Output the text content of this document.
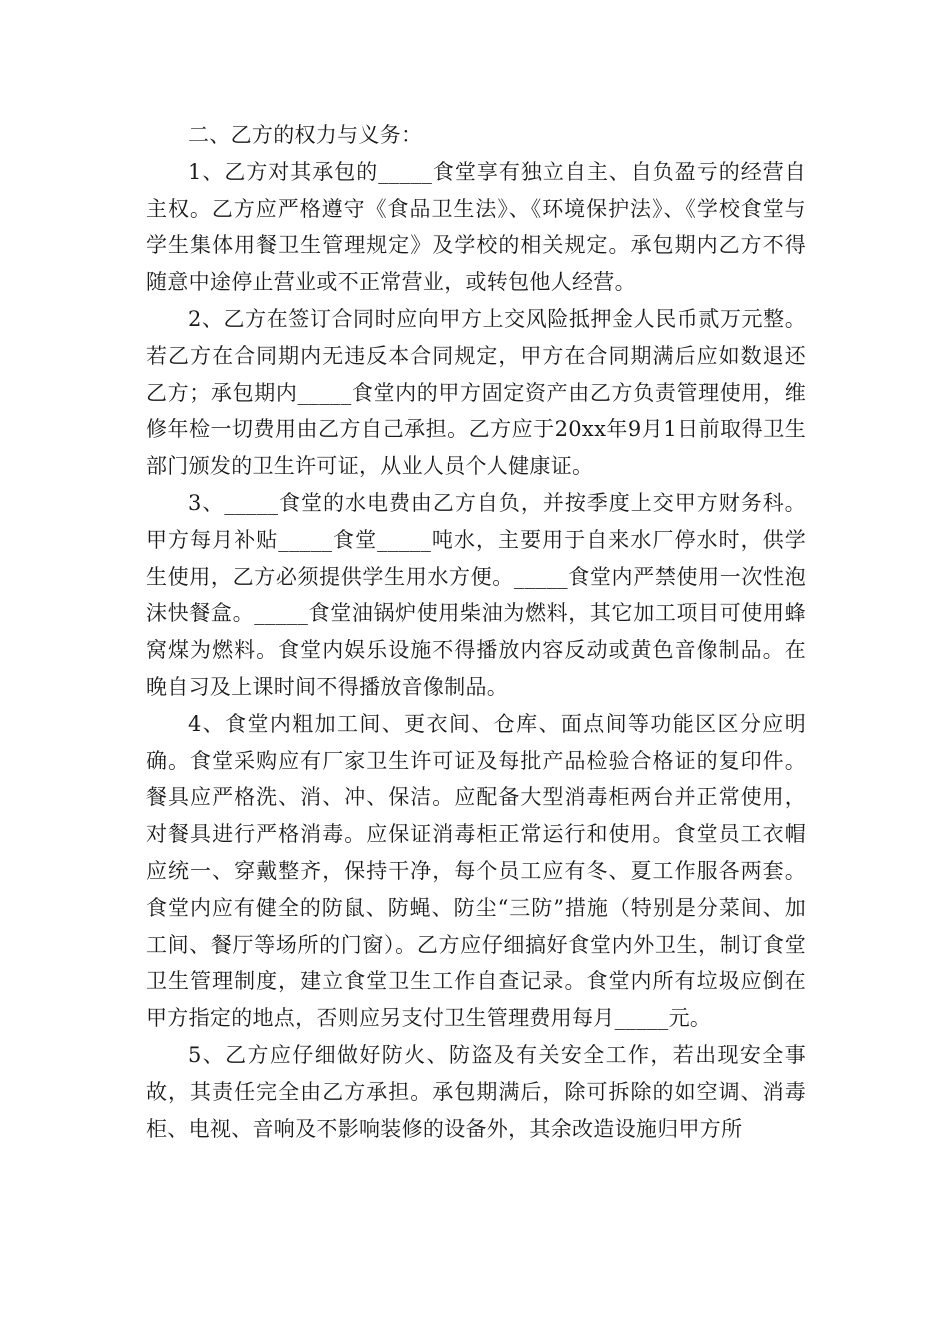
二、乙方的权力与义务：

1、乙方对其承包的_____食堂享有独立自主、自负盈亏的经营自主权。乙方应严格遵守《食品卫生法》、《环境保护法》、《学校食堂与学生集体用餐卫生管理规定》及学校的相关规定。承包期内乙方不得随意中途停止营业或不正常营业，或转包他人经营。

2、乙方在签订合同时应向甲方上交风险抵押金人民币贰万元整。若乙方在合同期内无违反本合同规定，甲方在合同期满后应如数退还乙方；承包期内_____食堂内的甲方固定资产由乙方负责管理使用，维修年检一切费用由乙方自己承担。乙方应于20xx年9月1日前取得卫生部门颁发的卫生许可证，从业人员个人健康证。

3、_____食堂的水电费由乙方自负，并按季度上交甲方财务科。甲方每月补贴_____食堂_____吨水，主要用于自来水厂停水时，供学生使用，乙方必须提供学生用水方便。_____食堂内严禁使用一次性泡沫快餐盒。_____食堂油锅炉使用柴油为燃料，其它加工项目可使用蜂窝煤为燃料。食堂内娱乐设施不得播放内容反动或黄色音像制品。在晚自习及上课时间不得播放音像制品。

4、食堂内粗加工间、更衣间、仓库、面点间等功能区区分应明确。食堂采购应有厂家卫生许可证及每批产品检验合格证的复印件。餐具应严格洗、消、冲、保洁。应配备大型消毒柜两台并正常使用，对餐具进行严格消毒。应保证消毒柜正常运行和使用。食堂员工衣帽应统一、穿戴整齐，保持干净，每个员工应有冬、夏工作服各两套。食堂内应有健全的防鼠、防蝇、防尘“三防”措施（特别是分菜间、加工间、餐厅等场所的门窗）。乙方应仔细搞好食堂内外卫生，制订食堂卫生管理制度，建立食堂卫生工作自查记录。食堂内所有垃圾应倒在甲方指定的地点，否则应另支付卫生管理费用每月_____元。

5、乙方应仔细做好防火、防盗及有关安全工作，若出现安全事故，其责任完全由乙方承担。承包期满后，除可拆除的如空调、消毒柜、电视、音响及不影响装修的设备外，其余改造设施归甲方所
